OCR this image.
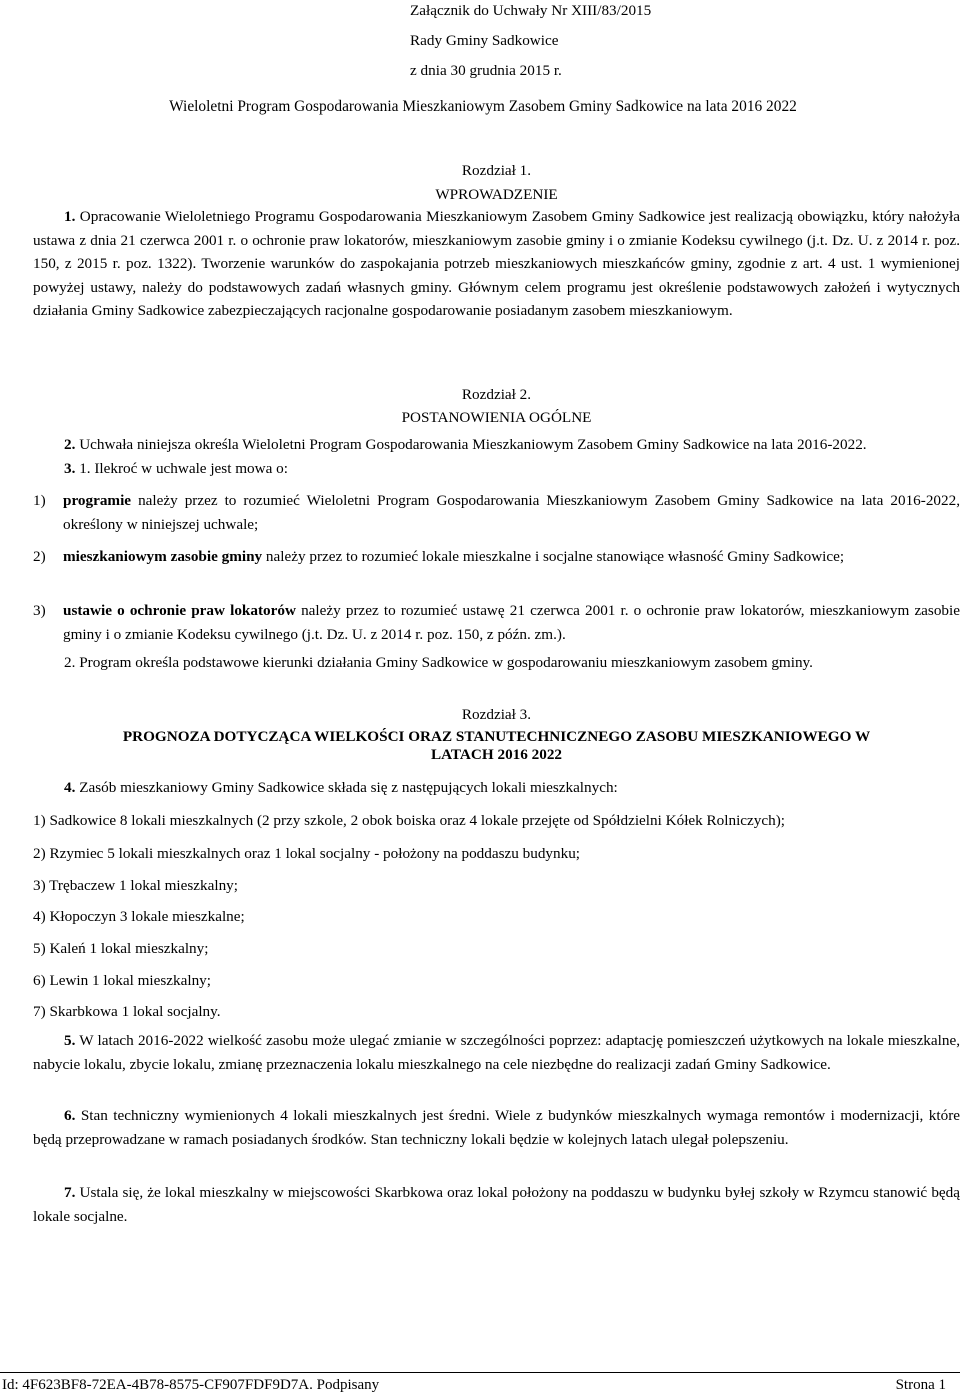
Załącznik do Uchwały Nr XIII/83/2015
Rady Gminy Sadkowice
z dnia 30 grudnia 2015 r.
Wieloletni Program Gospodarowania Mieszkaniowym Zasobem Gminy Sadkowice na lata 2016 2022
Rozdział 1.
WPROWADZENIE
1. Opracowanie Wieloletniego Programu Gospodarowania Mieszkaniowym Zasobem Gminy Sadkowice jest realizacją obowiązku, który nałożyła ustawa z dnia 21 czerwca 2001 r. o ochronie praw lokatorów, mieszkaniowym zasobie gminy i o zmianie Kodeksu cywilnego (j.t. Dz. U. z 2014 r. poz. 150, z 2015 r. poz. 1322). Tworzenie warunków do zaspokajania potrzeb mieszkaniowych mieszkańców gminy, zgodnie z art. 4 ust. 1 wymienionej powyżej ustawy, należy do podstawowych zadań własnych gminy. Głównym celem programu jest określenie podstawowych założeń i wytycznych działania Gminy Sadkowice zabezpieczających racjonalne gospodarowanie posiadanym zasobem mieszkaniowym.
Rozdział 2.
POSTANOWIENIA OGÓLNE
2. Uchwała niniejsza określa Wieloletni Program Gospodarowania Mieszkaniowym Zasobem Gminy Sadkowice na lata 2016-2022.
3. 1. Ilekroć w uchwale jest mowa o:
1) programie należy przez to rozumieć Wieloletni Program Gospodarowania Mieszkaniowym Zasobem Gminy Sadkowice na lata 2016-2022, określony w niniejszej uchwale;
2) mieszkaniowym zasobie gminy należy przez to rozumieć lokale mieszkalne i socjalne stanowiące własność Gminy Sadkowice;
3) ustawie o ochronie praw lokatorów należy przez to rozumieć ustawę 21 czerwca 2001 r. o ochronie praw lokatorów, mieszkaniowym zasobie gminy i o zmianie Kodeksu cywilnego (j.t. Dz. U. z 2014 r. poz. 150, z późn. zm.).
2. Program określa podstawowe kierunki działania Gminy Sadkowice w gospodarowaniu mieszkaniowym zasobem gminy.
Rozdział 3.
PROGNOZA DOTYCZĄCA WIELKOŚCI ORAZ STANUTECHNICZNEGO ZASOBU MIESZKANIOWEGO W
LATACH 2016 2022
4. Zasób mieszkaniowy Gminy Sadkowice składa się z następujących lokali mieszkalnych:
1) Sadkowice 8 lokali mieszkalnych (2 przy szkole, 2 obok boiska oraz 4 lokale przejęte od Spółdzielni Kółek Rolniczych);
2) Rzymiec 5 lokali mieszkalnych oraz 1 lokal socjalny - położony na poddaszu budynku;
3) Trębaczew 1 lokal mieszkalny;
4) Kłopoczyn 3 lokale mieszkalne;
5) Kaleń 1 lokal mieszkalny;
6) Lewin 1 lokal mieszkalny;
7) Skarbkowa 1 lokal socjalny.
5. W latach 2016-2022 wielkość zasobu może ulegać zmianie w szczególności poprzez: adaptację pomieszczeń użytkowych na lokale mieszkalne, nabycie lokalu, zbycie lokalu, zmianę przeznaczenia lokalu mieszkalnego na cele niezbędne do realizacji zadań Gminy Sadkowice.
6. Stan techniczny wymienionych 4 lokali mieszkalnych jest średni. Wiele z budynków mieszkalnych wymaga remontów i modernizacji, które będą przeprowadzane w ramach posiadanych środków. Stan techniczny lokali będzie w kolejnych latach ulegał polepszeniu.
7. Ustala się, że lokal mieszkalny w miejscowości Skarbkowa oraz lokal położony na poddaszu w budynku byłej szkoły w Rzymcu stanowić będą lokale socjalne.
Id: 4F623BF8-72EA-4B78-8575-CF907FDF9D7A. Podpisany	Strona 1
